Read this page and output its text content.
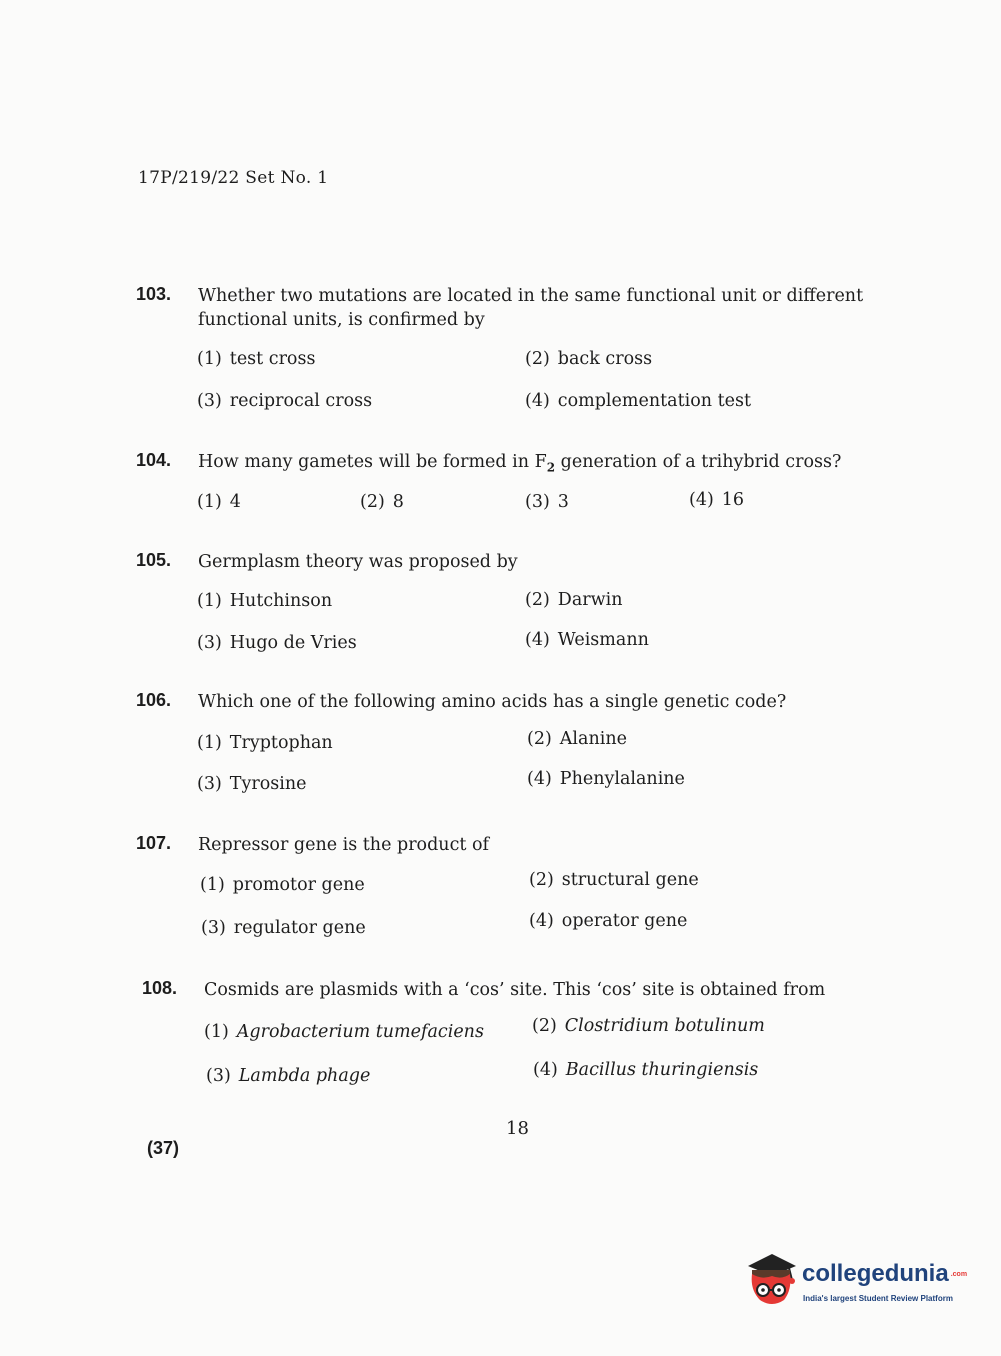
17P/219/22 Set No. 1
103. Whether two mutations are located in the same functional unit or different functional units, is confirmed by
(1) test cross	(2) back cross
(3) reciprocal cross	(4) complementation test
104. How many gametes will be formed in $F_2$ generation of a trihybrid cross?
(1) 4	(2) 8	(3) 3	(4) 16
105. Germplasm theory was proposed by
(1) Hutchinson	(2) Darwin
(3) Hugo de Vries	(4) Weismann
106. Which one of the following amino acids has a single genetic code?
(1) Tryptophan	(2) Alanine
(3) Tyrosine	(4) Phenylalanine
107. Repressor gene is the product of
(1) promotor gene	(2) structural gene
(3) regulator gene	(4) operator gene
108. Cosmids are plasmids with a ‘cos’ site. This ‘cos’ site is obtained from
(1) Agrobacterium tumefaciens	(2) Clostridium botulinum
(3) Lambda phage	(4) Bacillus thuringiensis
18
(37)
collegedunia .com
India's largest Student Review Platform
